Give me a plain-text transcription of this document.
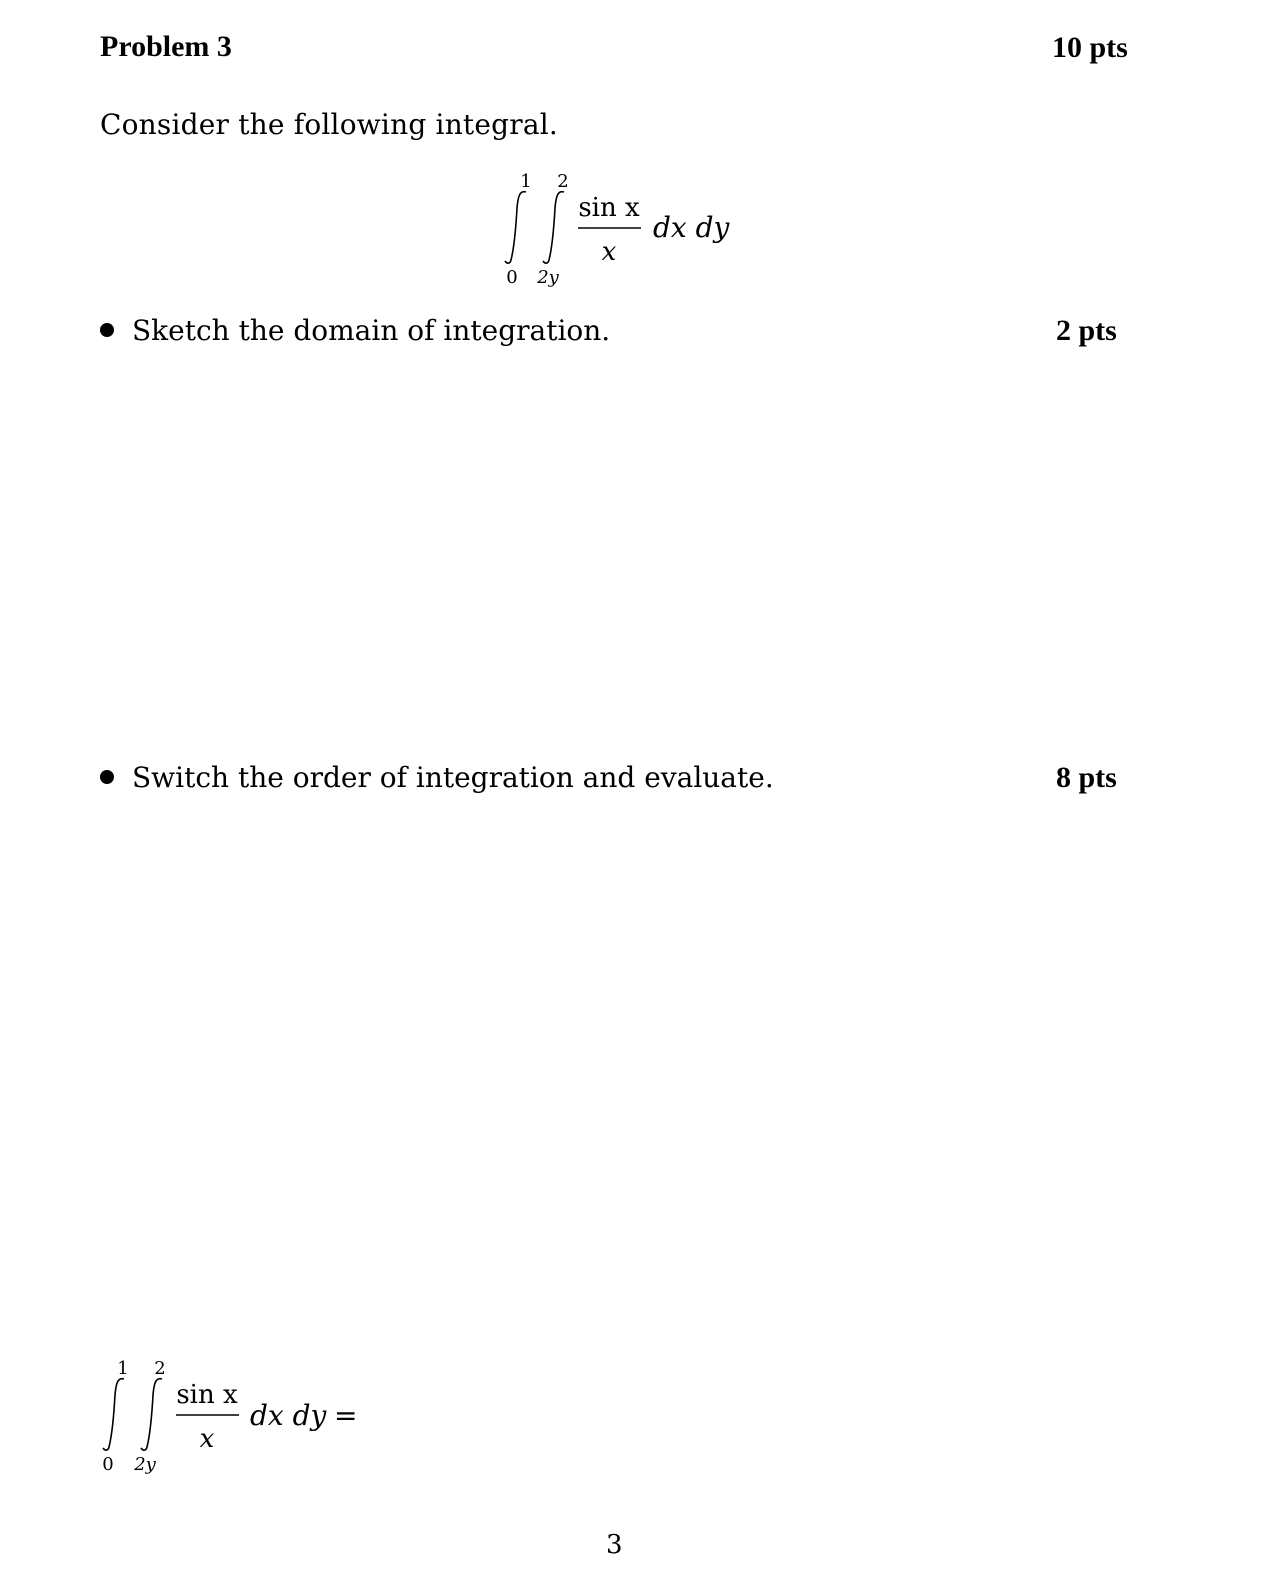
Problem 3	10 pts
Consider the following integral.
1 2
0 2y
sin x
x
dx dy
Sketch the domain of integration.	2 pts
Switch the order of integration and evaluate.	8 pts
1 2
0 2y
sin x
x
dx dy =
3
